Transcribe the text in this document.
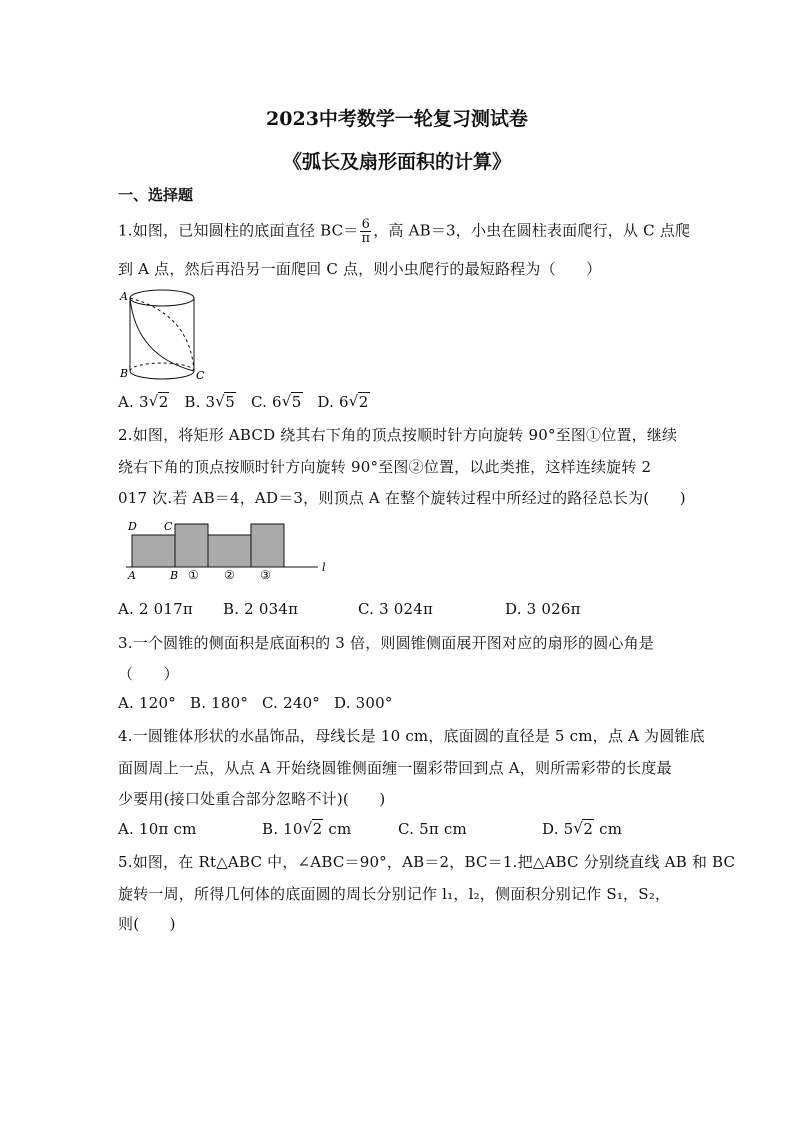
2023中考数学一轮复习测试卷
《弧长及扇形面积的计算》
一、选择题
1.如图，已知圆柱的底面直径 $BC= \frac{6}{\pi}$ ，高 AB＝3，小虫在圆柱表面爬行，从 C 点爬
到 A 点，然后再沿另一面爬回 C 点，则小虫爬行的最短路程为（　　）
A
B	C
A. 3 √ 2 B. 3 √ 5 C. 6 √ 5 D. 6 √ 2
2.如图，将矩形 ABCD 绕其右下角的顶点按顺时针方向旋转 90°至图①位置，继续
绕右下角的顶点按顺时针方向旋转 90°至图②位置，以此类推，这样连续旋转 2
017 次.若 AB＝4，AD＝3，则顶点 A 在整个旋转过程中所经过的路径总长为(　　)
D C
A	B ① ② ③
l
A. 2 017π B. 2 034π	C. 3 024π	D. 3 026π
3.一个圆锥的侧面积是底面积的 3 倍，则圆锥侧面展开图对应的扇形的圆心角是
（　　）
A. 120° B. 180° C. 240° D. 300°
4.一圆锥体形状的水晶饰品，母线长是 10 cm，底面圆的直径是 5 cm，点 A 为圆锥底
面圆周上一点，从点 A 开始绕圆锥侧面缠一圈彩带回到点 A，则所需彩带的长度最
少要用(接口处重合部分忽略不计)(　　)
A. 10π cm	B. 10 √ 2 cm	C. 5π cm	D. 5 √ 2 cm
5.如图，在 Rt△ABC 中，∠ABC＝90°，AB＝2，BC＝1.把△ABC 分别绕直线 AB 和 BC
旋转一周，所得几何体的底面圆的周长分别记作 l₁，l₂，侧面积分别记作 S₁，S₂，
则(　　)
